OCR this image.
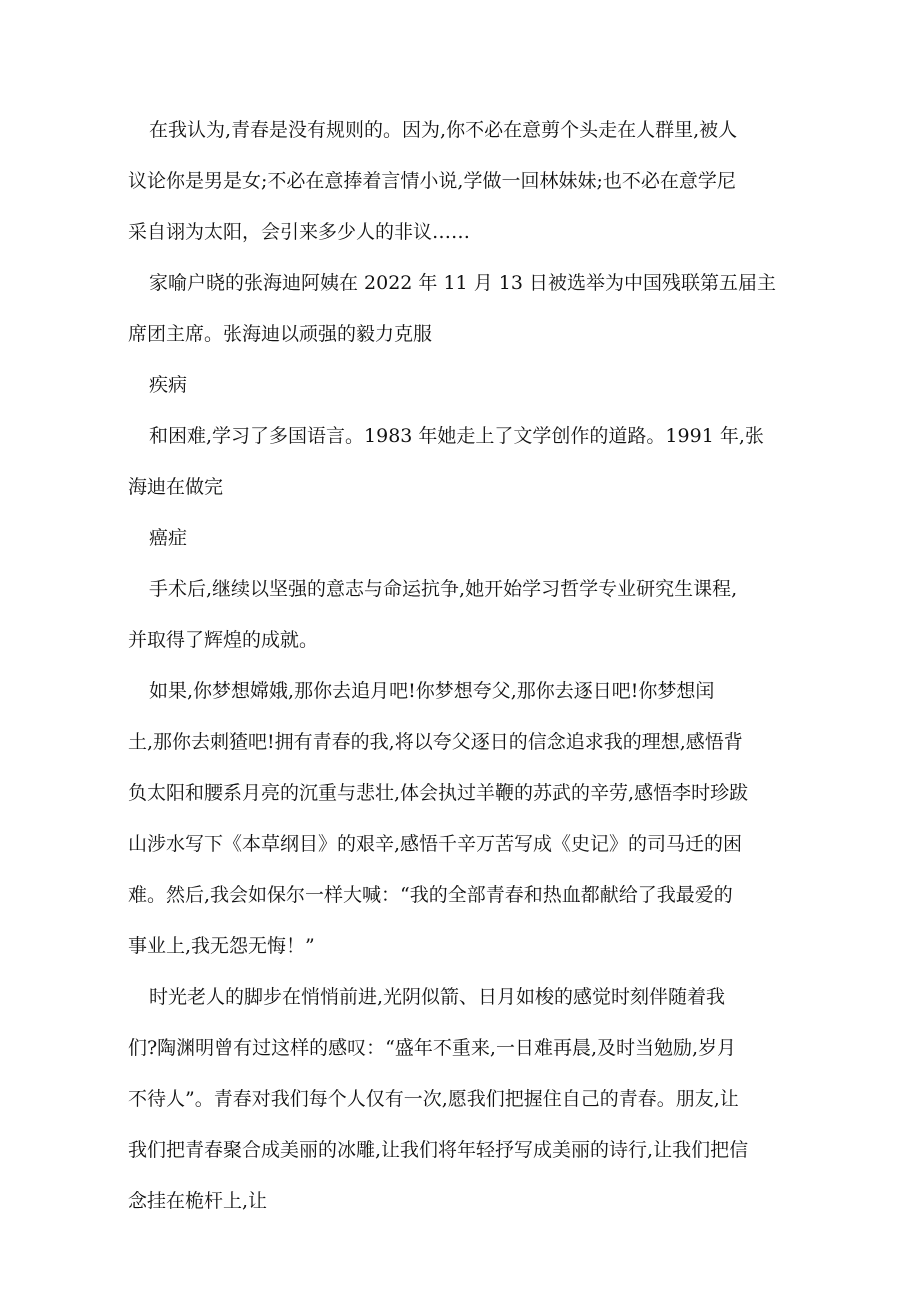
在我认为,青春是没有规则的。因为,你不必在意剪个头走在人群里,被人
议论你是男是女;不必在意捧着言情小说,学做一回林妹妹;也不必在意学尼
采自诩为太阳，会引来多少人的非议……
家喻户晓的张海迪阿姨在 2022 年 11 月 13 日被选举为中国残联第五届主
席团主席。张海迪以顽强的毅力克服
疾病
和困难,学习了多国语言。1983 年她走上了文学创作的道路。1991 年,张
海迪在做完
癌症
手术后,继续以坚强的意志与命运抗争,她开始学习哲学专业研究生课程,
并取得了辉煌的成就。
如果,你梦想嫦娥,那你去追月吧!你梦想夸父,那你去逐日吧!你梦想闰
土,那你去刺猹吧!拥有青春的我,将以夸父逐日的信念追求我的理想,感悟背
负太阳和腰系月亮的沉重与悲壮,体会执过羊鞭的苏武的辛劳,感悟李时珍跋
山涉水写下《本草纲目》的艰辛,感悟千辛万苦写成《史记》的司马迁的困
难。然后,我会如保尔一样大喊：“我的全部青春和热血都献给了我最爱的
事业上,我无怨无悔！”
时光老人的脚步在悄悄前进,光阴似箭、日月如梭的感觉时刻伴随着我
们?陶渊明曾有过这样的感叹：“盛年不重来,一日难再晨,及时当勉励,岁月
不待人”。青春对我们每个人仅有一次,愿我们把握住自己的青春。朋友,让
我们把青春聚合成美丽的冰雕,让我们将年轻抒写成美丽的诗行,让我们把信
念挂在桅杆上,让
